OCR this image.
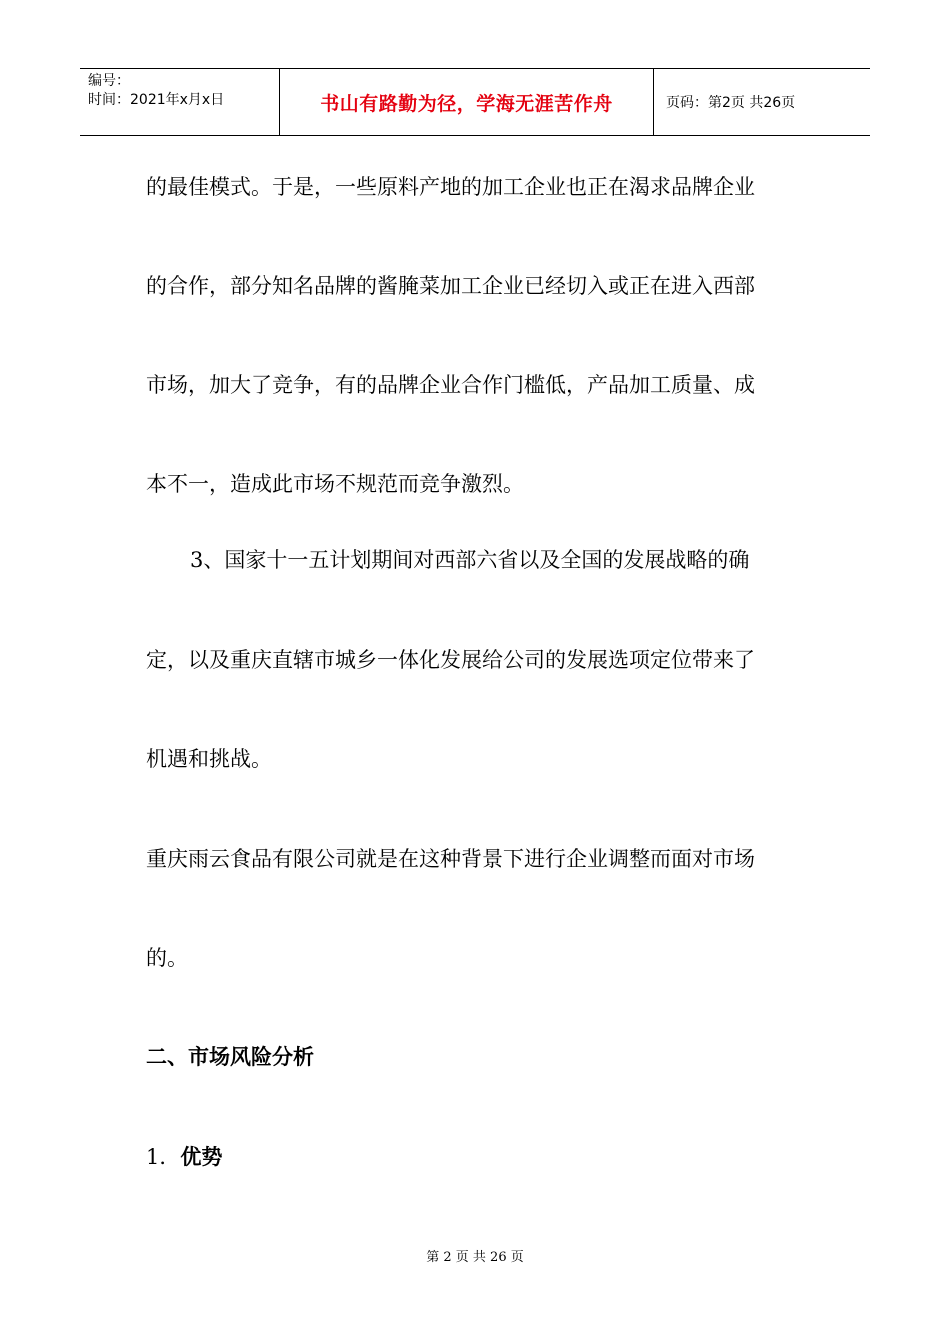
编号：
时间：2021年x月x日	书山有路勤为径，学海无涯苦作舟	页码：第2页 共26页
的最佳模式。于是，一些原料产地的加工企业也正在渴求品牌企业
的合作，部分知名品牌的酱腌菜加工企业已经切入或正在进入西部
市场，加大了竞争，有的品牌企业合作门槛低，产品加工质量、成
本不一，造成此市场不规范而竞争激烈。
3、国家十一五计划期间对西部六省以及全国的发展战略的确
定，以及重庆直辖市城乡一体化发展给公司的发展选项定位带来了
机遇和挑战。
重庆雨云食品有限公司就是在这种背景下进行企业调整而面对市场
的。
二、市场风险分析
1．优势
第 2 页 共 26 页
